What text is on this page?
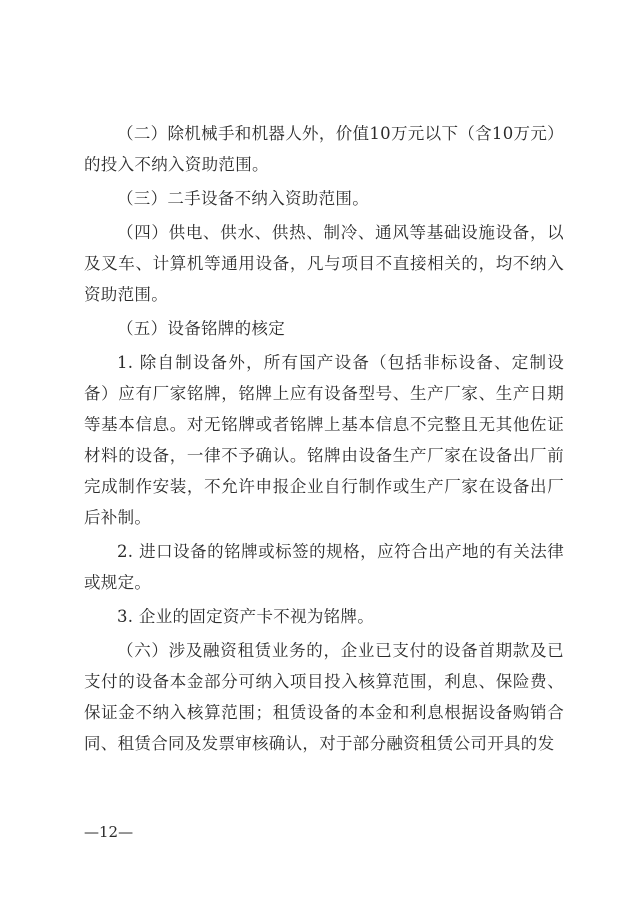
（二）除机械手和机器人外，价值10万元以下（含10万元）的投入不纳入资助范围。

（三）二手设备不纳入资助范围。

（四）供电、供水、供热、制冷、通风等基础设施设备，以及叉车、计算机等通用设备，凡与项目不直接相关的，均不纳入资助范围。

（五）设备铭牌的核定

1. 除自制设备外，所有国产设备（包括非标设备、定制设备）应有厂家铭牌，铭牌上应有设备型号、生产厂家、生产日期等基本信息。对无铭牌或者铭牌上基本信息不完整且无其他佐证材料的设备，一律不予确认。铭牌由设备生产厂家在设备出厂前完成制作安装，不允许申报企业自行制作或生产厂家在设备出厂后补制。

2. 进口设备的铭牌或标签的规格，应符合出产地的有关法律或规定。

3. 企业的固定资产卡不视为铭牌。

（六）涉及融资租赁业务的，企业已支付的设备首期款及已支付的设备本金部分可纳入项目投入核算范围，利息、保险费、保证金不纳入核算范围；租赁设备的本金和利息根据设备购销合同、租赁合同及发票审核确认，对于部分融资租赁公司开具的发

—12—
